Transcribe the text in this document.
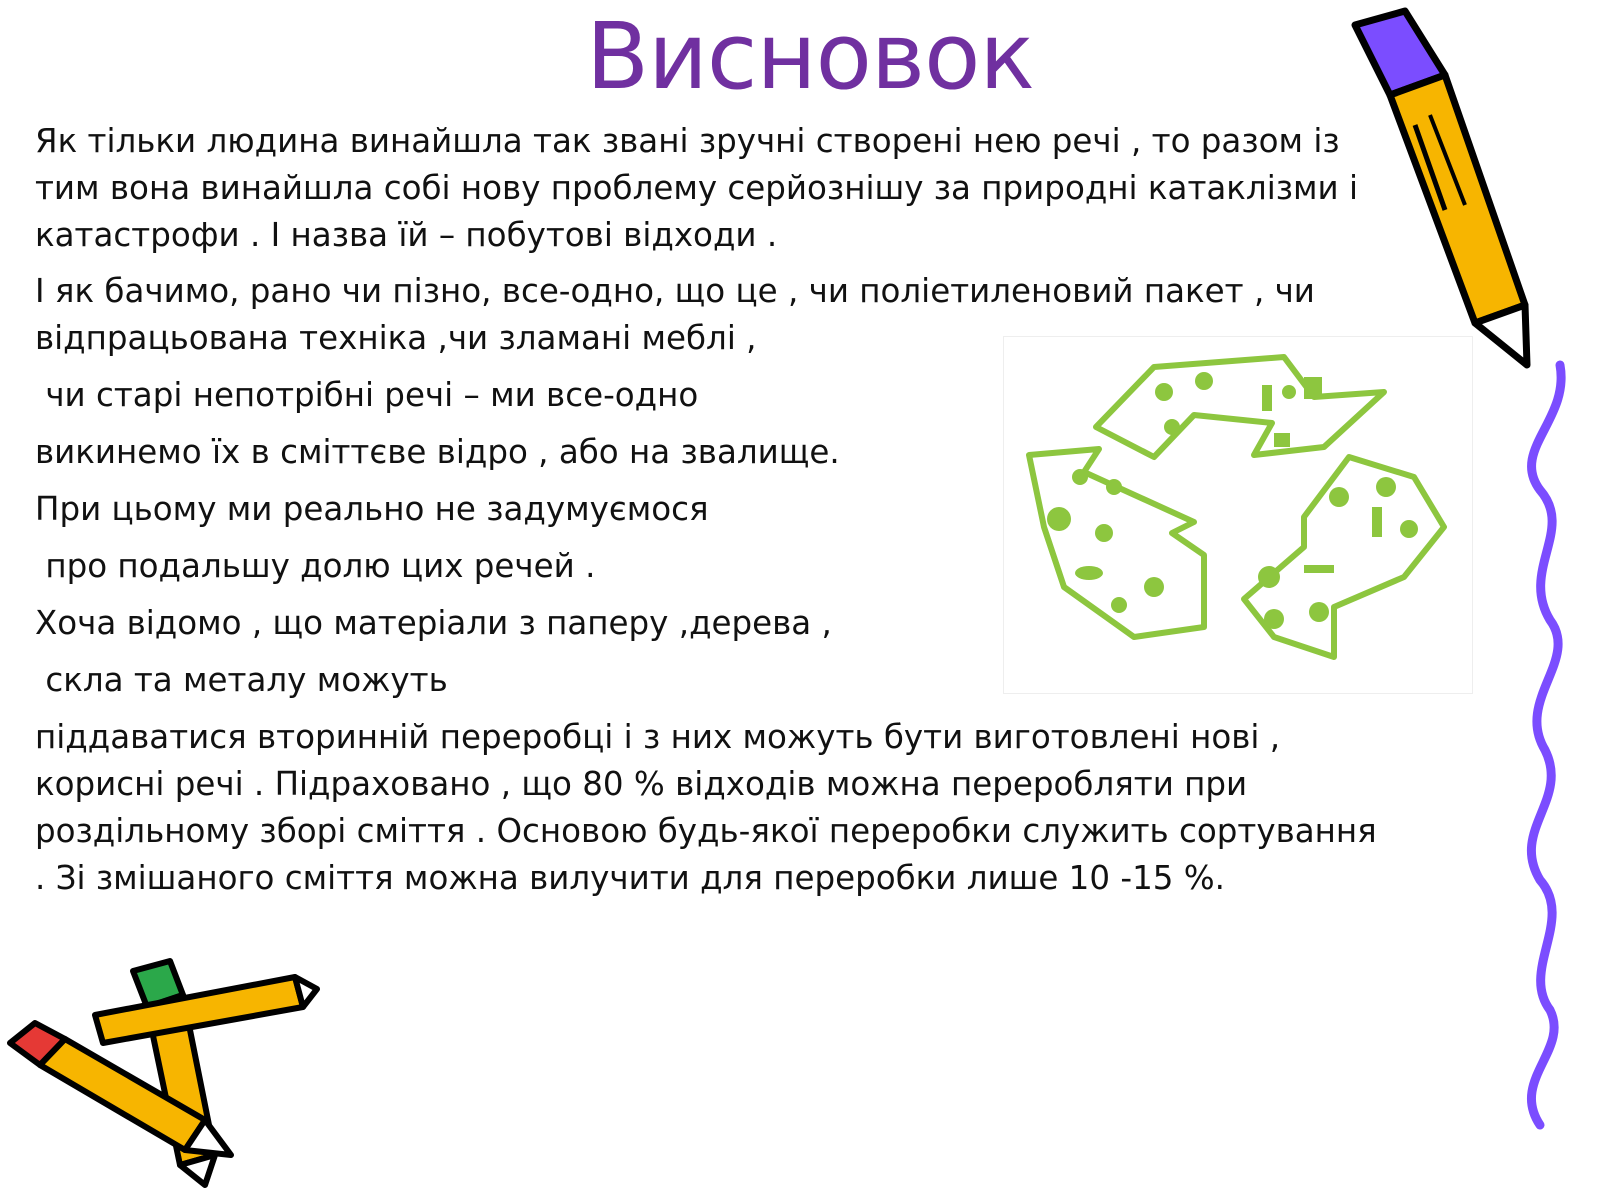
Висновок

Як тільки людина винайшла так звані зручні створені нею речі , то разом із

тим вона винайшла собі нову проблему серйознішу за природні катаклізми і

катастрофи . І назва їй – побутові відходи .

І як бачимо, рано чи пізно, все-одно, що це , чи поліетиленовий пакет , чи

відпрацьована техніка ,чи зламані меблі ,

чи старі непотрібні речі – ми все-одно

викинемо їх в сміттєве відро , або на звалище.

При цьому ми реально не задумуємося

про подальшу долю цих речей .

Хоча відомо , що матеріали з паперу ,дерева ,

скла та металу можуть

піддаватися вторинній переробці і з них можуть бути виготовлені нові ,

корисні речі . Підраховано , що 80 % відходів можна переробляти при

роздільному зборі сміття . Основою будь-якої переробки служить сортування

. Зі змішаного сміття можна вилучити для переробки лише 10 -15 %.
